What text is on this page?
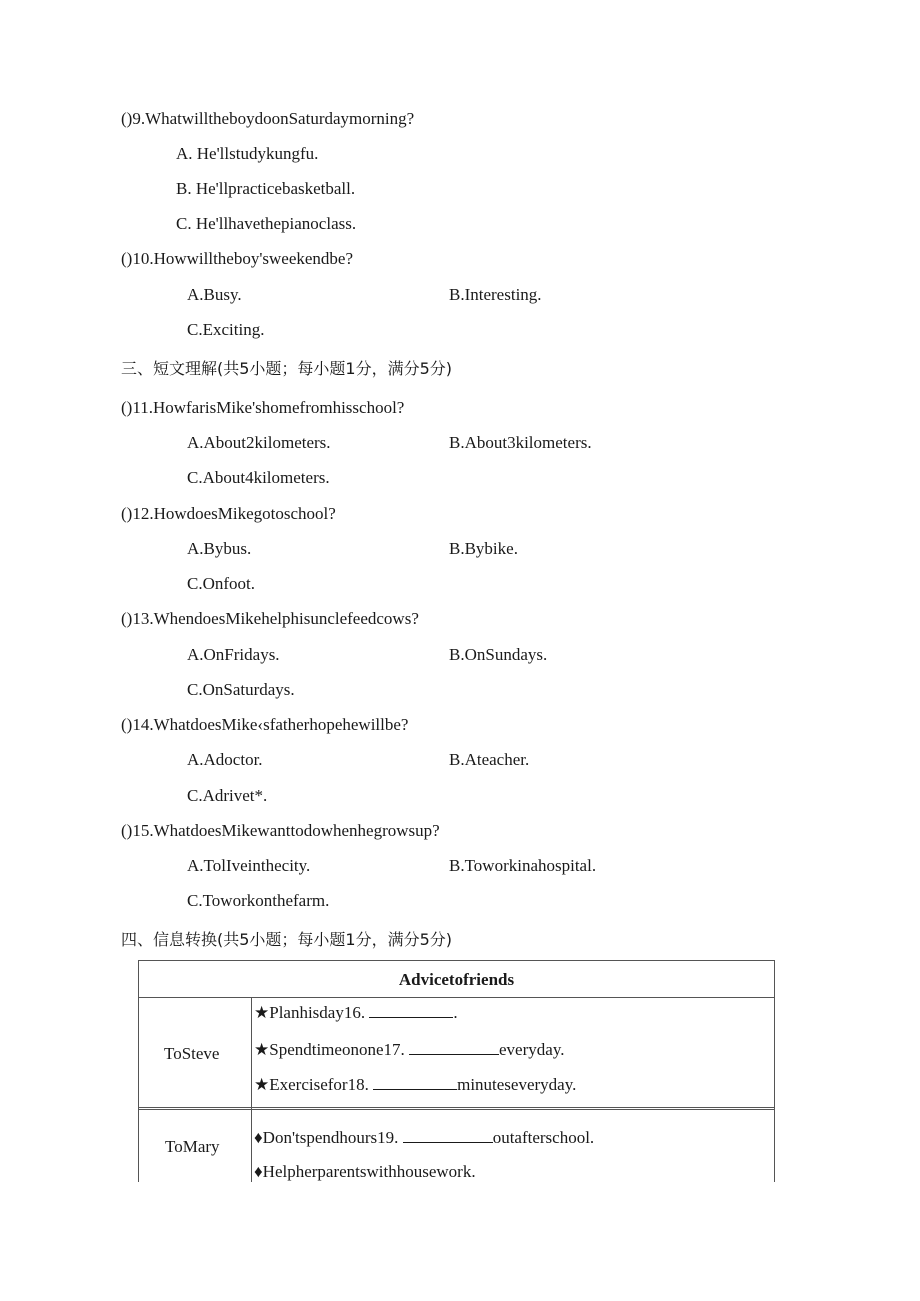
()9.WhatwilltheboydoonSaturdaymorning?
A. He'llstudykungfu.
B. He'llpracticebasketball.
C. He'llhavethepianoclass.
()10.Howwilltheboy'sweekendbe?
A.Busy.	B.Interesting.
C.Exciting.
三、短文理解(共5小题；每小题1分，满分5分)
()11.HowfarisMike'shomefromhisschool?
A.About2kilometers.	B.About3kilometers.
C.About4kilometers.
()12.HowdoesMikegotoschool?
A.Bybus.	B.Bybike.
C.Onfoot.
()13.WhendoesMikehelphisunclefeedcows?
A.OnFridays.	B.OnSundays.
C.OnSaturdays.
()14.WhatdoesMike‹sfatherhopehewillbe?
A.Adoctor.	B.Ateacher.
C.Adrivet*.
()15.WhatdoesMikewanttodowhenhegrowsup?
A.TolIveinthecity.	B.Toworkinahospital.
C.Toworkonthefarm.
四、信息转换(共5小题；每小题1分，满分5分)
Advicetofriends
ToSteve
★Planhisday16.	.
★Spendtimeonone17.	everyday.
★Exercisefor18.	minuteseveryday.
ToMary ♦Don'tspendhours19.	outafterschool.
♦Helpherparentswithhousework.
